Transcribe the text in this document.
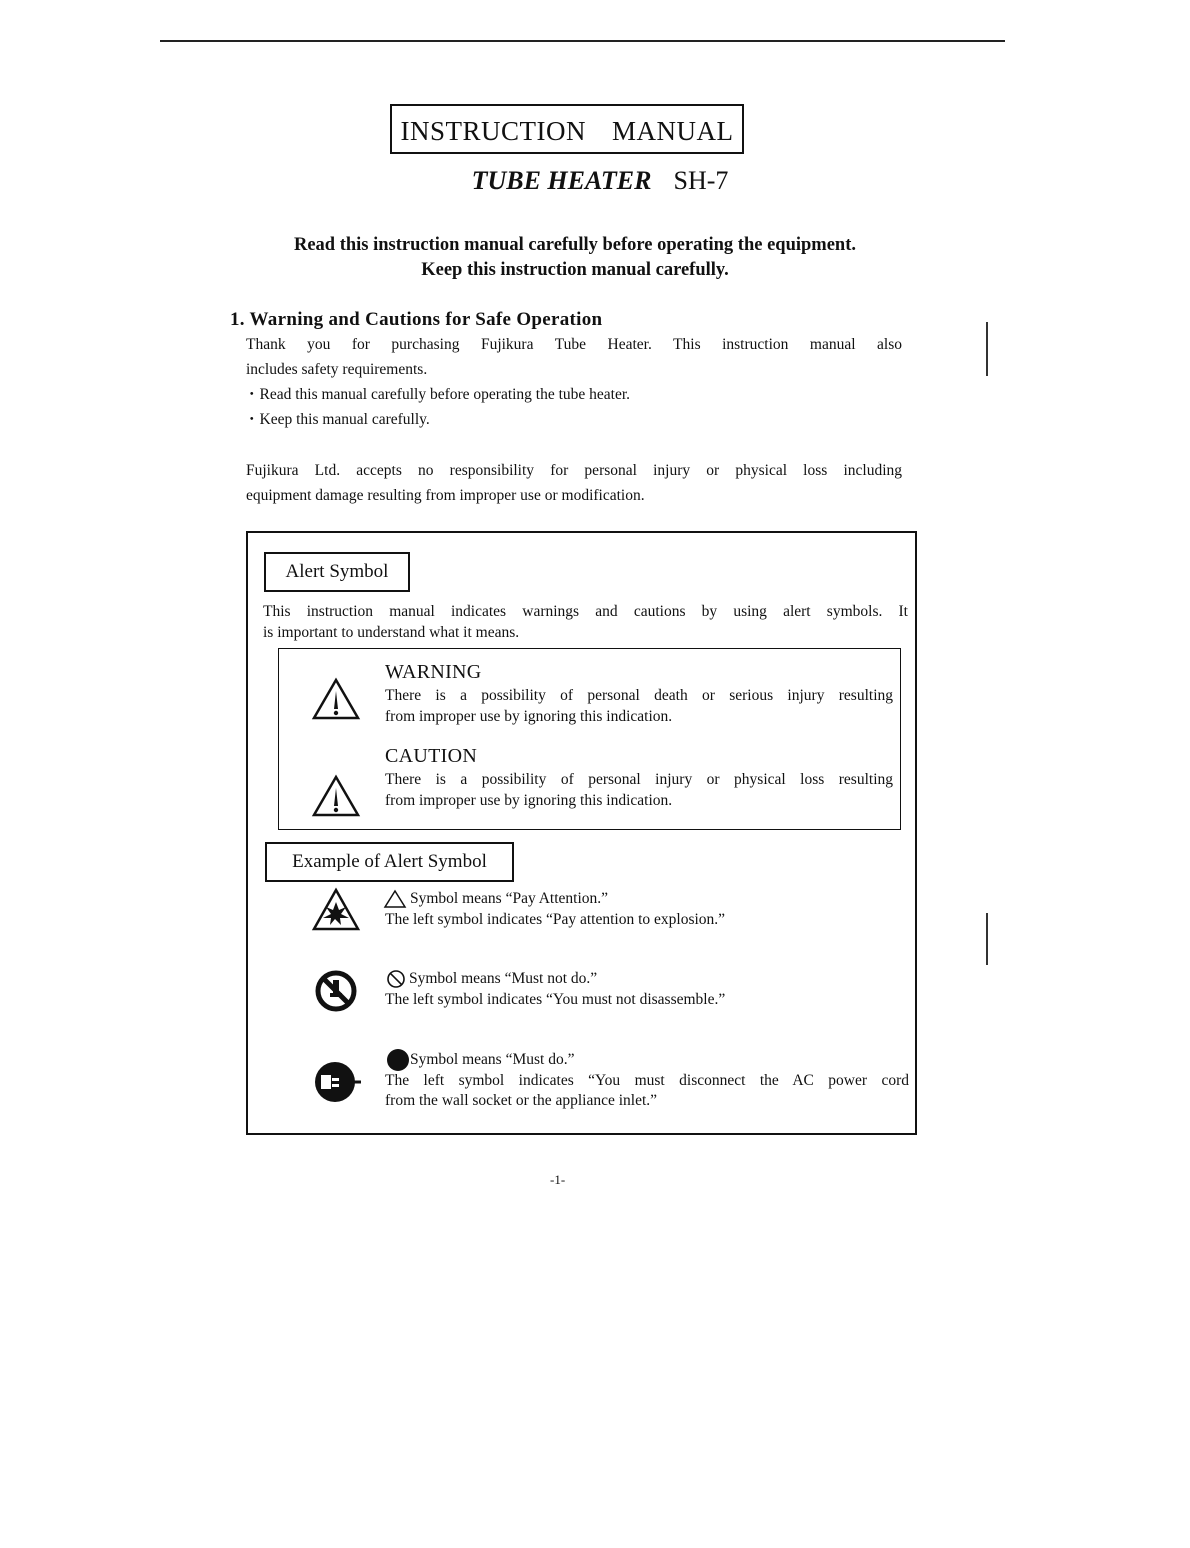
INSTRUCTION MANUAL
TUBE HEATER SH-7
Read this instruction manual carefully before operating the equipment.
Keep this instruction manual carefully.
1. Warning and Cautions for Safe Operation
Thank you for purchasing Fujikura Tube Heater. This instruction manual also
includes safety requirements.
・Read this manual carefully before operating the tube heater.
・Keep this manual carefully.
Fujikura Ltd. accepts no responsibility for personal injury or physical loss including
equipment damage resulting from improper use or modification.
Alert Symbol
This instruction manual indicates warnings and cautions by using alert symbols. It
is important to understand what it means.
WARNING
There is a possibility of personal death or serious injury resulting
from improper use by ignoring this indication.
CAUTION
There is a possibility of personal injury or physical loss resulting
from improper use by ignoring this indication.
Example of Alert Symbol
Symbol means “Pay Attention.”
The left symbol indicates “Pay attention to explosion.”
Symbol means “Must not do.”
The left symbol indicates “You must not disassemble.”
Symbol means “Must do.”
The left symbol indicates “You must disconnect the AC power cord
from the wall socket or the appliance inlet.”
-1-
